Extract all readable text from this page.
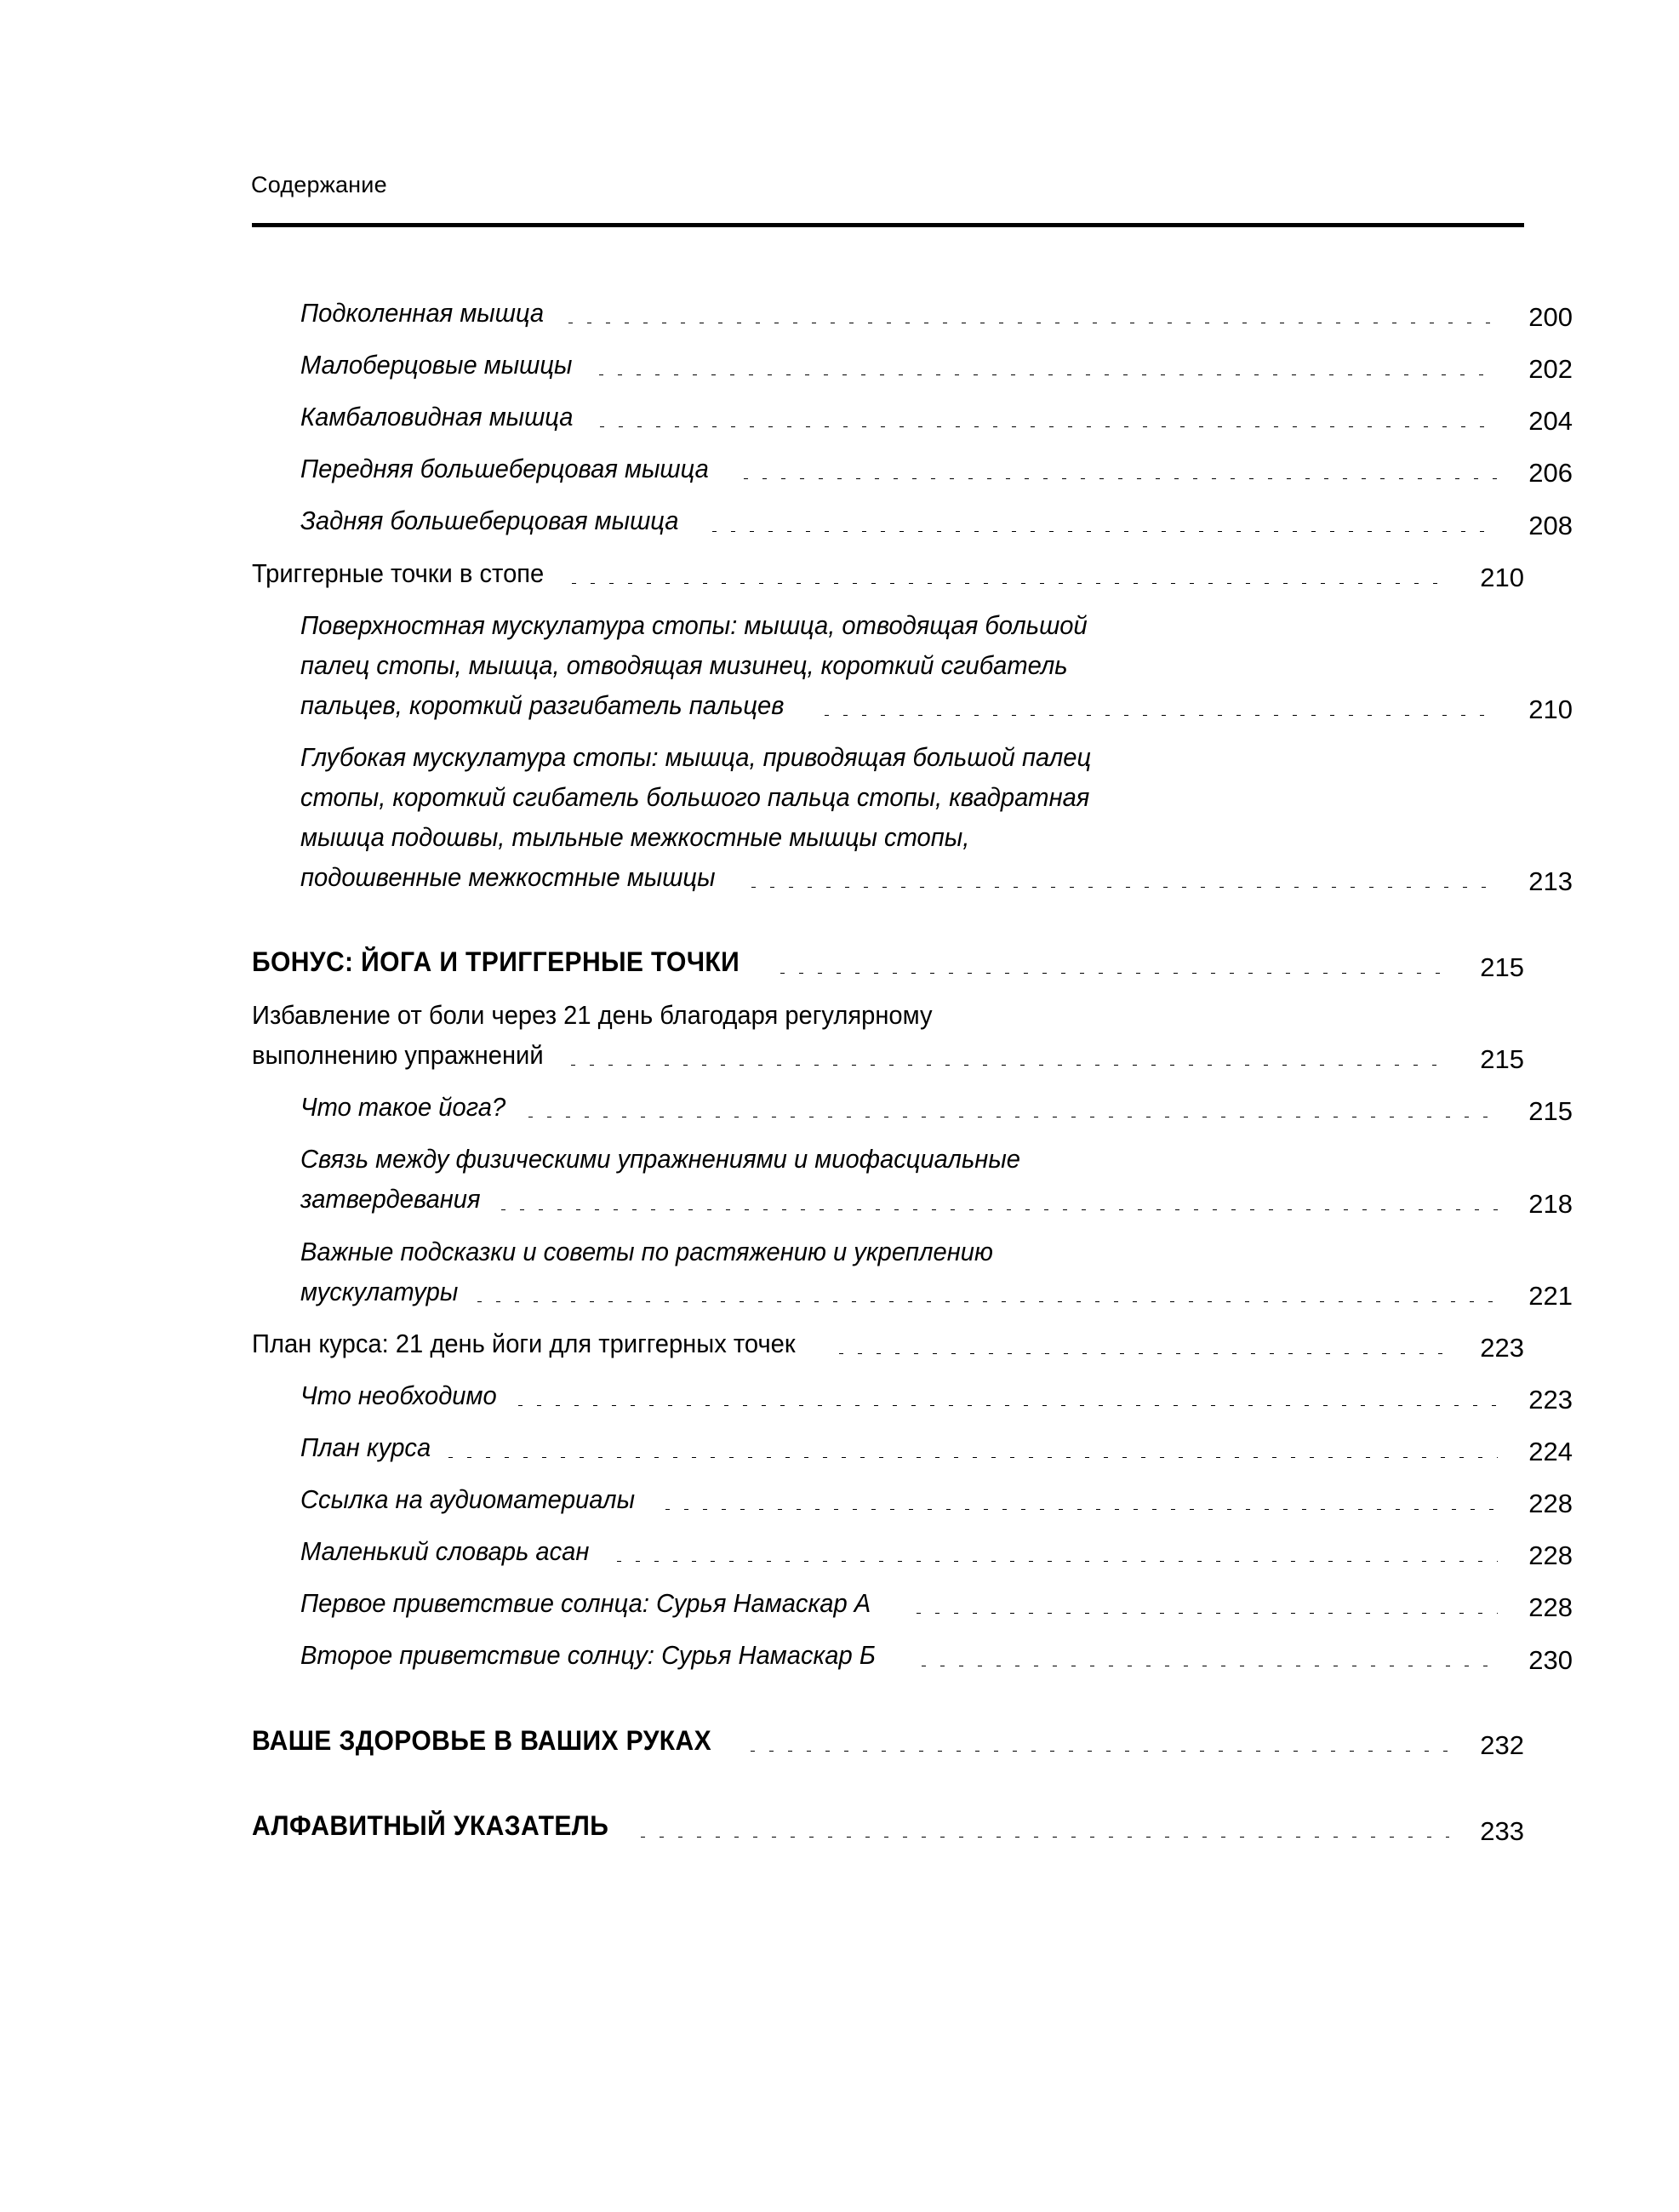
Содержание
Подколенная мышца	200
Малоберцовые мышцы	202
Камбаловидная мышца	204
Передняя большеберцовая мышца	206
Задняя большеберцовая мышца	208
Триггерные точки в стопе	210
Поверхностная мускулатура стопы: мышца, отводящая большой
палец стопы, мышца, отводящая мизинец, короткий сгибатель
пальцев, короткий разгибатель пальцев	210
Глубокая мускулатура стопы: мышца, приводящая большой палец
стопы, короткий сгибатель большого пальца стопы, квадратная
мышца подошвы, тыльные межкостные мышцы стопы,
подошвенные межкостные мышцы	213
БОНУС: ЙОГА И ТРИГГЕРНЫЕ ТОЧКИ	215
Избавление от боли через 21 день благодаря регулярному
выполнению упражнений	215
Что такое йога?	215
Связь между физическими упражнениями и миофасциальные
затвердевания	218
Важные подсказки и советы по растяжению и укреплению
мускулатуры	221
План курса: 21 день йоги для триггерных точек	223
Что необходимо	223
План курса	224
Ссылка на аудиоматериалы	228
Маленький словарь асан	228
Первое приветствие солнца: Сурья Намаскар А	228
Второе приветствие солнцу: Сурья Намаскар Б	230
ВАШЕ ЗДОРОВЬЕ В ВАШИХ РУКАХ	232
АЛФАВИТНЫЙ УКАЗАТЕЛЬ	233
